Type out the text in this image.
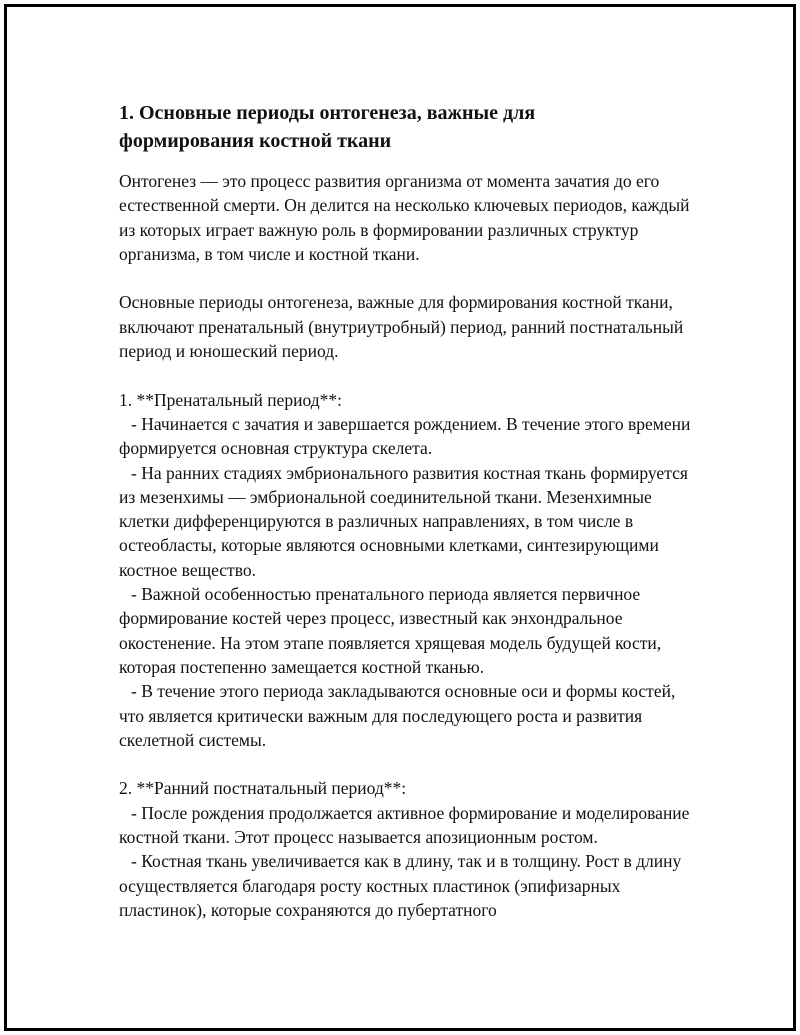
1. Основные периоды онтогенеза, важные для формирования костной ткани

Онтогенез — это процесс развития организма от момента зачатия до его естественной смерти. Он делится на несколько ключевых периодов, каждый из которых играет важную роль в формировании различных структур организма, в том числе и костной ткани.

Основные периоды онтогенеза, важные для формирования костной ткани, включают пренатальный (внутриутробный) период, ранний постнатальный период и юношеский период.

1. **Пренатальный период**:

- Начинается с зачатия и завершается рождением. В течение этого времени формируется основная структура скелета.

- На ранних стадиях эмбрионального развития костная ткань формируется из мезенхимы — эмбриональной соединительной ткани. Мезенхимные клетки дифференцируются в различных направлениях, в том числе в остеобласты, которые являются основными клетками, синтезирующими костное вещество.

- Важной особенностью пренатального периода является первичное формирование костей через процесс, известный как энхондральное окостенение. На этом этапе появляется хрящевая модель будущей кости, которая постепенно замещается костной тканью.

- В течение этого периода закладываются основные оси и формы костей, что является критически важным для последующего роста и развития скелетной системы.

2. **Ранний постнатальный период**:

- После рождения продолжается активное формирование и моделирование костной ткани. Этот процесс называется апозиционным ростом.

- Костная ткань увеличивается как в длину, так и в толщину. Рост в длину осуществляется благодаря росту костных пластинок (эпифизарных пластинок), которые сохраняются до пубертатного
